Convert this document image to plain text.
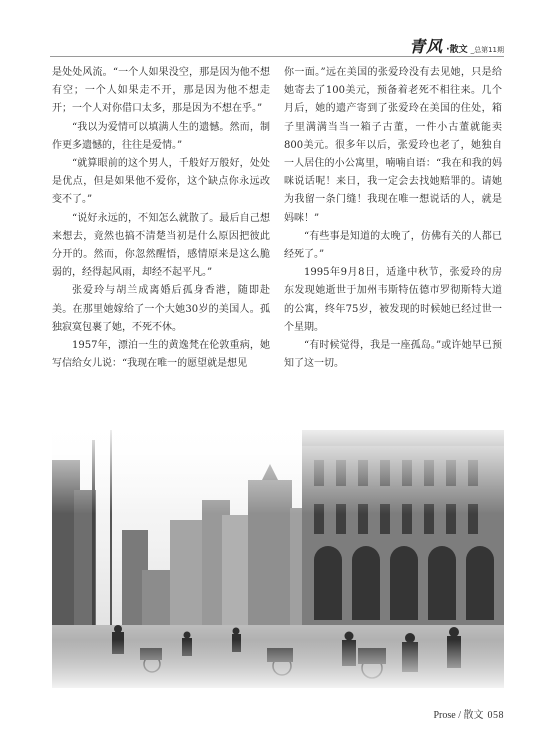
青风 ·散文 _总第11期

是处处风流。“一个人如果没空，那是因为他不想有空；一个人如果走不开，那是因为他不想走开；一个人对你借口太多，那是因为不想在乎。”

“我以为爱情可以填满人生的遗憾。然而，制作更多遗憾的，往往是爱情。”

“就算眼前的这个男人，千般好万般好，处处是优点，但是如果他不爱你，这个缺点你永远改变不了。”

“说好永远的，不知怎么就散了。最后自己想来想去，竟然也搞不清楚当初是什么原因把彼此分开的。然而，你忽然醒悟，感情原来是这么脆弱的，经得起风雨，却经不起平凡。”

张爱玲与胡兰成离婚后孤身香港，随即赴美。在那里她嫁给了一个大她30岁的美国人。孤独寂寞包裹了她，不死不休。

1957年，漂泊一生的黄逸梵在伦敦重病，她写信给女儿说：“我现在唯一的愿望就是想见

你一面。”远在美国的张爱玲没有去见她，只是给她寄去了100美元，预备着老死不相往来。几个月后，她的遗产寄到了张爱玲在美国的住处，箱子里满满当当一箱子古董，一件小古董就能卖800美元。很多年以后，张爱玲也老了，她独自一人居住的小公寓里，喃喃自语：“我在和我的妈咪说话呢！来日，我一定会去找她赔罪的。请她为我留一条门缝！我现在唯一想说话的人，就是妈咪！”

“有些事是知道的太晚了，仿佛有关的人都已经死了。”

1995年9月8日，适逢中秋节，张爱玲的房东发现她逝世于加州韦斯特伍德市罗彻斯特大道的公寓，终年75岁，被发现的时候她已经过世一个星期。

“有时候觉得，我是一座孤岛。”或许她早已预知了这一切。

Prose / 散文 058
